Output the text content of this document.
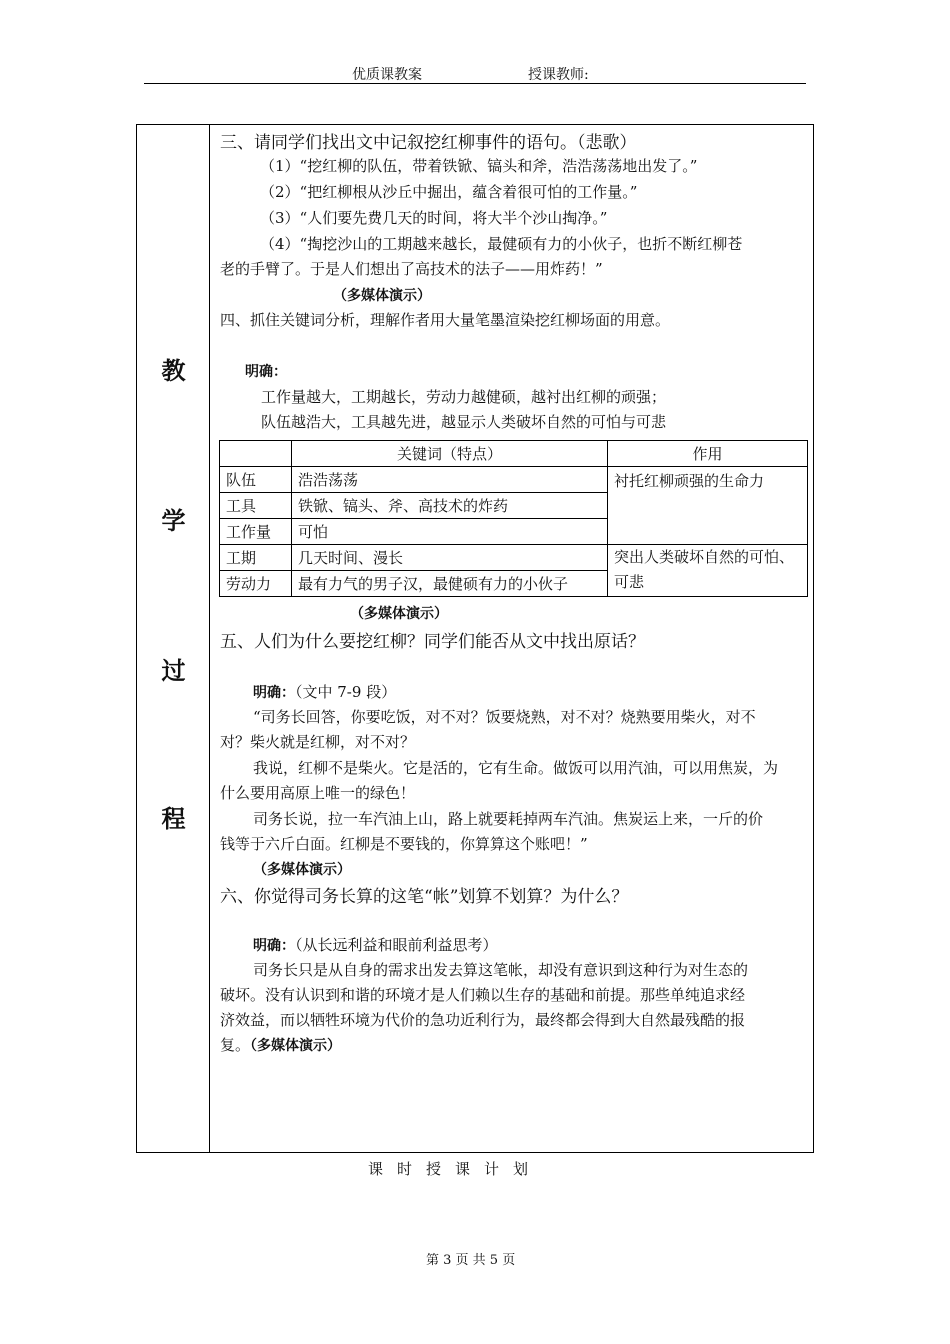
优质课教案	授课教师:
教
学
过
程
三、请同学们找出文中记叙挖红柳事件的语句。（悲歌）
（1）“挖红柳的队伍，带着铁锨、镐头和斧，浩浩荡荡地出发了。”
（2）“把红柳根从沙丘中掘出，蕴含着很可怕的工作量。”
（3）“人们要先费几天的时间，将大半个沙山掏净。”
（4）“掏挖沙山的工期越来越长，最健硕有力的小伙子，也折不断红柳苍
老的手臂了。于是人们想出了高技术的法子——用炸药！”
（多媒体演示）
四、抓住关键词分析，理解作者用大量笔墨渲染挖红柳场面的用意。
明确：
工作量越大，工期越长，劳动力越健硕，越衬出红柳的顽强；
队伍越浩大，工具越先进，越显示人类破坏自然的可怕与可悲
	关键词（特点）	作用
队伍	浩浩荡荡	衬托红柳顽强的生命力
工具	铁锨、镐头、斧、高技术的炸药	
工作量	可怕	
工期	几天时间、漫长	突出人类破坏自然的可怕、可悲
劳动力	最有力气的男子汉，最健硕有力的小伙子	
（多媒体演示）
五、人们为什么要挖红柳？同学们能否从文中找出原话？
明确：（文中 7-9 段）
“司务长回答，你要吃饭，对不对？饭要烧熟，对不对？烧熟要用柴火，对不
对？柴火就是红柳，对不对？
我说，红柳不是柴火。它是活的，它有生命。做饭可以用汽油，可以用焦炭，为
什么要用高原上唯一的绿色！
司务长说，拉一车汽油上山，路上就要耗掉两车汽油。焦炭运上来，一斤的价
钱等于六斤白面。红柳是不要钱的，你算算这个账吧！”
（多媒体演示）
六、你觉得司务长算的这笔“帐”划算不划算？为什么？
明确：（从长远利益和眼前利益思考）
司务长只是从自身的需求出发去算这笔帐，却没有意识到这种行为对生态的
破坏。没有认识到和谐的环境才是人们赖以生存的基础和前提。那些单纯追求经
济效益，而以牺牲环境为代价的急功近利行为，最终都会得到大自然最残酷的报
复。（多媒体演示）
课时授课计划
第 3 页 共 5 页
